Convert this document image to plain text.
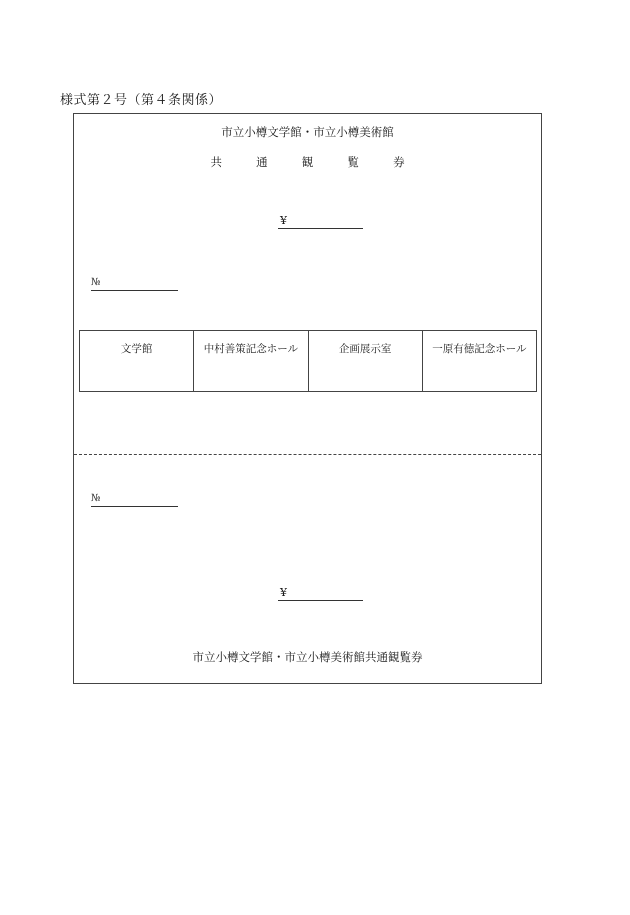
様式第２号（第４条関係）
市立小樽文学館・市立小樽美術館
共	通	観	覧	券
¥
№
文学館	中村善策記念ホール	企画展示室	一原有徳記念ホール
№
¥
市立小樽文学館・市立小樽美術館共通観覧券
